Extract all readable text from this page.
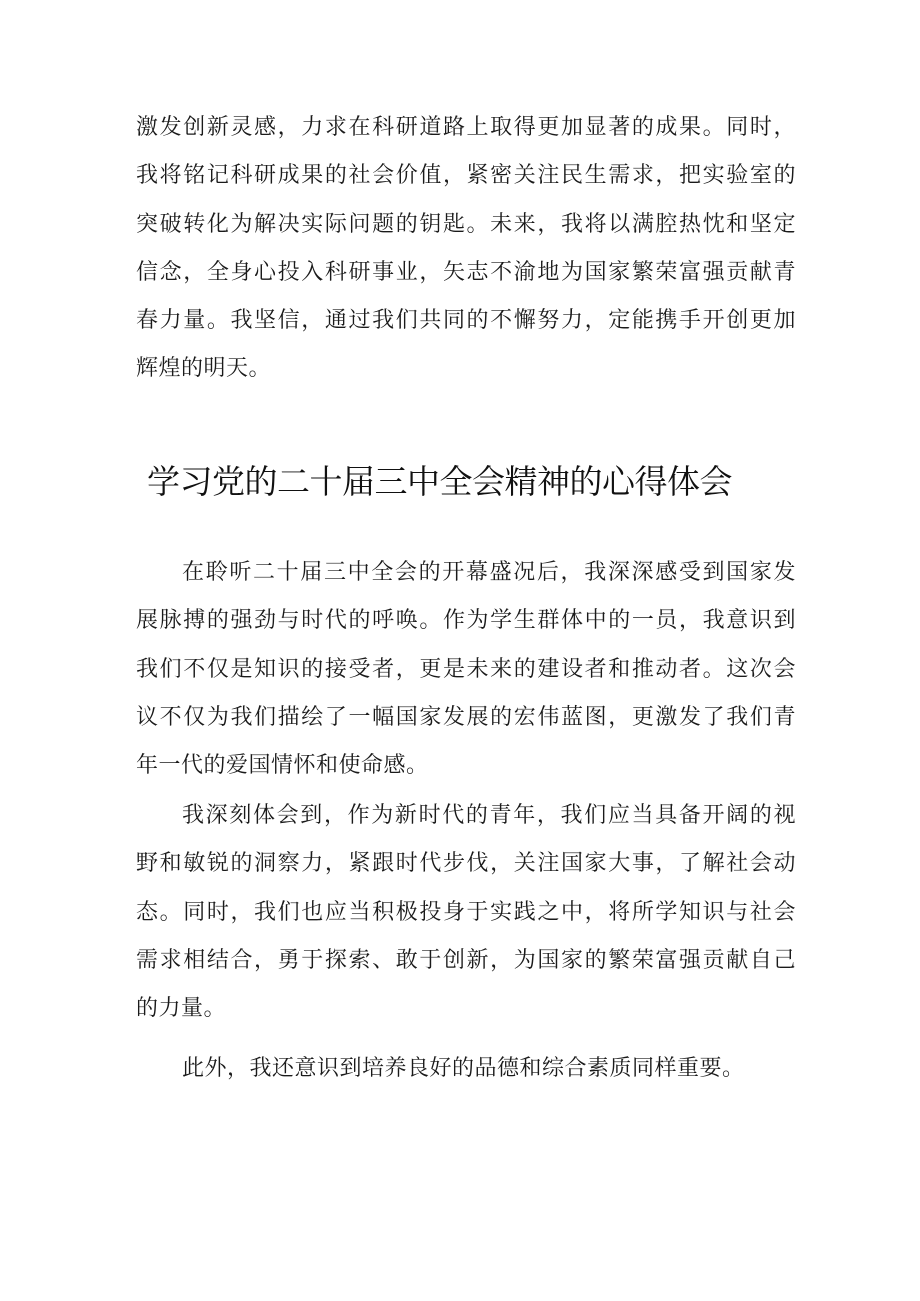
激发创新灵感，力求在科研道路上取得更加显著的成果。同时，
我将铭记科研成果的社会价值，紧密关注民生需求，把实验室的
突破转化为解决实际问题的钥匙。未来，我将以满腔热忱和坚定
信念，全身心投入科研事业，矢志不渝地为国家繁荣富强贡献青
春力量。我坚信，通过我们共同的不懈努力，定能携手开创更加
辉煌的明天。
学习党的二十届三中全会精神的心得体会
在聆听二十届三中全会的开幕盛况后，我深深感受到国家发
展脉搏的强劲与时代的呼唤。作为学生群体中的一员，我意识到
我们不仅是知识的接受者，更是未来的建设者和推动者。这次会
议不仅为我们描绘了一幅国家发展的宏伟蓝图，更激发了我们青
年一代的爱国情怀和使命感。
我深刻体会到，作为新时代的青年，我们应当具备开阔的视
野和敏锐的洞察力，紧跟时代步伐，关注国家大事，了解社会动
态。同时，我们也应当积极投身于实践之中，将所学知识与社会
需求相结合，勇于探索、敢于创新，为国家的繁荣富强贡献自己
的力量。
此外，我还意识到培养良好的品德和综合素质同样重要。
